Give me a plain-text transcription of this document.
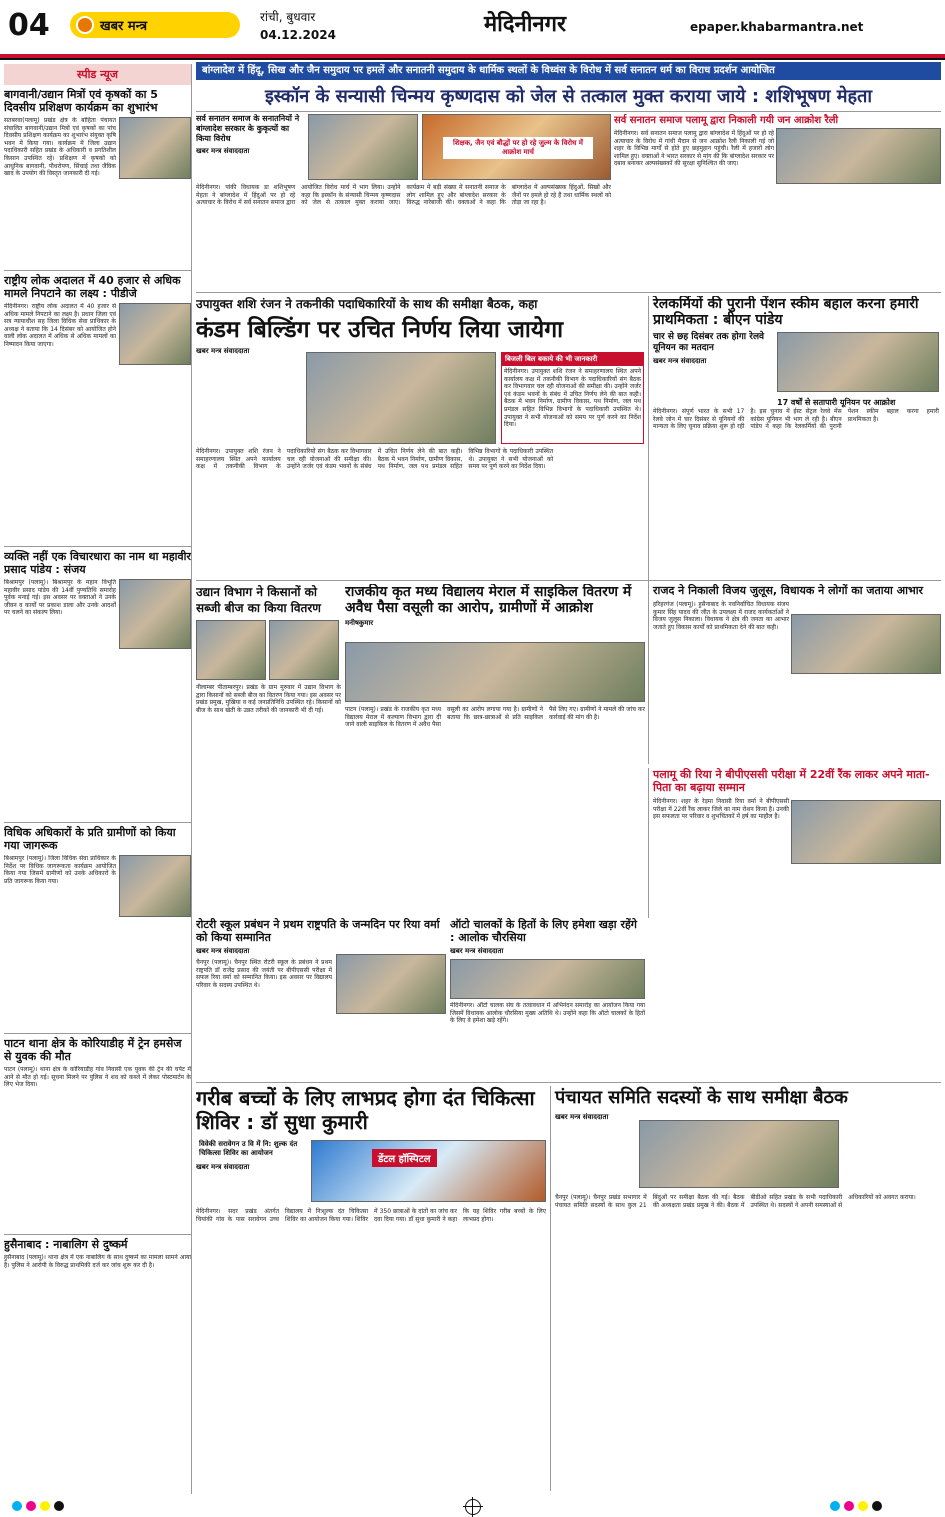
04	खबर मन्त्र
रांची, बुधवार
04.12.2024	मेदिनीनगर	epaper.khabarmantra.net
स्पीड न्यूज
बागवानी/उद्यान मित्रों एवं कृषकों का 5 दिवसीय प्रशिक्षण कार्यक्रम का शुभारंभ
सतबरवा(पलामू) प्रखंड क्षेत्र के बोहिता पंचायत संचालित बागवानी/उद्यान मित्रों एवं कृषकों का पांच दिवसीय प्रशिक्षण कार्यक्रम का शुभारंभ संयुक्त कृषि भवन में किया गया। कार्यक्रम में जिला उद्यान पदाधिकारी सहित प्रखंड के अधिकारी व प्रगतिशील किसान उपस्थित रहे। प्रशिक्षण में कृषकों को आधुनिक बागवानी, पौधरोपण, सिंचाई तथा जैविक खाद के उपयोग की विस्तृत जानकारी दी गई।
राष्ट्रीय लोक अदालत में 40 हजार से अधिक मामले निपटाने का लक्ष्य : पीडीजे
मेदिनीनगर। राष्ट्रीय लोक अदालत में 40 हजार से अधिक मामले निपटाने का लक्ष्य है। प्रधान जिला एवं सत्र न्यायाधीश सह जिला विधिक सेवा प्राधिकार के अध्यक्ष ने बताया कि 14 दिसंबर को आयोजित होने वाली लोक अदालत में अधिक से अधिक मामलों का निष्पादन किया जाएगा।
व्यक्ति नहीं एक विचारधारा का नाम था महावीर प्रसाद पांडेय : संजय
बिश्रामपुर (पलामू)। बिश्रामपुर के महान विभूति महावीर प्रसाद पांडेय की 14वीं पुण्यतिथि समारोह पूर्वक मनाई गई। इस अवसर पर वक्ताओं ने उनके जीवन व कार्यों पर प्रकाश डाला और उनके आदर्शों पर चलने का संकल्प लिया।
विधिक अधिकारों के प्रति ग्रामीणों को किया गया जागरूक
बिश्रामपुर (पलामू)। जिला विधिक सेवा प्राधिकार के निर्देश पर विधिक जागरूकता कार्यक्रम आयोजित किया गया जिसमें ग्रामीणों को उनके अधिकारों के प्रति जागरूक किया गया।
पाटन थाना क्षेत्र के कोरियाडीह में ट्रेन हमसेज से युवक की मौत
पाटन (पलामू)। थाना क्षेत्र के कोरियाडीह गांव निवासी एक युवक की ट्रेन की चपेट में आने से मौत हो गई। सूचना मिलने पर पुलिस ने शव को कब्जे में लेकर पोस्टमार्टम के लिए भेज दिया।
हुसैनाबाद : नाबालिग से दुष्कर्म
हुसैनाबाद (पलामू)। थाना क्षेत्र में एक नाबालिग के साथ दुष्कर्म का मामला सामने आया है। पुलिस ने आरोपी के विरुद्ध प्राथमिकी दर्ज कर जांच शुरू कर दी है।
बांग्लादेश में हिंदू, सिख और जैन समुदाय पर हमलें और सनातनी समुदाय के धार्मिक स्थलों के विध्वंस के विरोध में सर्व सनातन धर्म का विराध प्रदर्शन आयोजित
इस्कॉन के सन्यासी चिन्मय कृष्णदास को जेल से तत्काल मुक्त कराया जाये : शशिभूषण मेहता
सर्व सनातन समाज के सनातनियों ने बांग्लादेश सरकार के कुकृत्यों का किया विरोध
खबर मन्त्र संवाददाता
शिक्षक, जैन एवं बौद्धों पर हो रहे जुल्म के विरोध में आक्रोश मार्च
मेदिनीनगर। पांकी विधायक डा शशिभूषण मेहता ने बांग्लादेश में हिंदुओं पर हो रहे अत्याचार के विरोध में सर्व सनातन समाज द्वारा आयोजित विरोध मार्च में भाग लिया। उन्होंने कहा कि इस्कॉन के संन्यासी चिन्मय कृष्णदास को जेल से तत्काल मुक्त कराया जाए। कार्यक्रम में बड़ी संख्या में सनातनी समाज के लोग शामिल हुए और बांग्लादेश सरकार के विरुद्ध नारेबाजी की। वक्ताओं ने कहा कि बांग्लादेश में अल्पसंख्यक हिंदुओं, सिखों और जैनों पर हमले हो रहे हैं तथा धार्मिक स्थलों को तोड़ा जा रहा है।
सर्व सनातन समाज पलामू द्वारा निकाली गयी जन आक्रोश रैली
मेदिनीनगर। सर्व सनातन समाज पलामू द्वारा बांग्लादेश में हिंदुओं पर हो रहे अत्याचार के विरोध में गांधी मैदान से जन आक्रोश रैली निकाली गई जो शहर के विभिन्न मार्गों से होते हुए छहमुहान पहुंची। रैली में हजारों लोग शामिल हुए। वक्ताओं ने भारत सरकार से मांग की कि बांग्लादेश सरकार पर दबाव बनाकर अल्पसंख्यकों की सुरक्षा सुनिश्चित की जाए।
उपायुक्त शशि रंजन ने तकनीकी पदाधिकारियों के साथ की समीक्षा बैठक, कहा
कंडम बिल्डिंग पर उचित निर्णय लिया जायेगा
खबर मन्त्र संवाददाता
बिजली बिल बकाये की भी जानकारी
मेदिनीनगर। उपायुक्त शशि रंजन ने समाहरणालय स्थित अपने कार्यालय कक्ष में तकनीकी विभाग के पदाधिकारियों संग बैठक कर विभागवार चल रही योजनाओं की समीक्षा की। उन्होंने जर्जर एवं कंडम भवनों के संबंध में उचित निर्णय लेने की बात कही। बैठक में भवन निर्माण, ग्रामीण विकास, पथ निर्माण, जल पथ प्रमंडल सहित विभिन्न विभागों के पदाधिकारी उपस्थित थे। उपायुक्त ने सभी योजनाओं को समय पर पूर्ण करने का निर्देश दिया।
मेदिनीनगर। उपायुक्त शशि रंजन ने समाहरणालय स्थित अपने कार्यालय कक्ष में तकनीकी विभाग के पदाधिकारियों संग बैठक कर विभागवार चल रही योजनाओं की समीक्षा की। उन्होंने जर्जर एवं कंडम भवनों के संबंध में उचित निर्णय लेने की बात कही। बैठक में भवन निर्माण, ग्रामीण विकास, पथ निर्माण, जल पथ प्रमंडल सहित विभिन्न विभागों के पदाधिकारी उपस्थित थे। उपायुक्त ने सभी योजनाओं को समय पर पूर्ण करने का निर्देश दिया।
रेलकर्मियों की पुरानी पेंशन स्कीम बहाल करना हमारी प्राथमिकता : बीएन पांडेय
चार से छह दिसंबर तक होगा रेलवे यूनियन का मतदान
खबर मन्त्र संवाददाता
17 वर्षों से सतापारी यूनियन पर आक्रोश
मेदिनीनगर। संपूर्ण भारत के सभी 17 रेलवे जोन में चार दिसंबर से यूनियनों की मान्यता के लिए चुनाव प्रक्रिया शुरू हो रही है। इस चुनाव में ईस्ट सेंट्रल रेलवे मेंस कांग्रेस यूनियन भी भाग ले रही है। बीएन पांडेय ने कहा कि रेलकर्मियों की पुरानी पेंशन स्कीम बहाल करना हमारी प्राथमिकता है।
उद्यान विभाग ने किसानों को सब्जी बीज का किया वितरण
नीलाम्बर पीताम्बरपुर। प्रखंड के ग्राम मुरुवार में उद्यान विभाग के द्वारा किसानों को सब्जी बीज का वितरण किया गया। इस अवसर पर प्रखंड प्रमुख, मुखिया व कई जनप्रतिनिधि उपस्थित रहे। किसानों को बीज के साथ खेती के उन्नत तरीकों की जानकारी भी दी गई।
राजकीय कृत मध्य विद्यालय मेराल में साइकिल वितरण में अवैध पैसा वसूली का आरोप, ग्रामीणों में आक्रोश
मनीषकुमार
पाटन (पलामू)। प्रखंड के राजकीय कृत मध्य विद्यालय मेराल में कल्याण विभाग द्वारा दी जाने वाली साइकिल के वितरण में अवैध पैसा वसूली का आरोप लगाया गया है। ग्रामीणों ने बताया कि छात्र-छात्राओं से प्रति साइकिल पैसे लिए गए। ग्रामीणों ने मामले की जांच कर कार्रवाई की मांग की है।
राजद ने निकाली विजय जुलूस, विधायक ने लोगों का जताया आभार
हरिहरगंज (पलामू)। हुसैनाबाद के नवनिर्वाचित विधायक संजय कुमार सिंह यादव की जीत के उपलक्ष्य में राजद कार्यकर्ताओं ने विजय जुलूस निकाला। विधायक ने क्षेत्र की जनता का आभार जताते हुए विकास कार्यों को प्राथमिकता देने की बात कही।
पलामू की रिया ने बीपीएससी परीक्षा में 22वीं रैंक लाकर अपने माता-पिता का बढ़ाया सम्मान
मेदिनीनगर। शहर के रेड़मा निवासी रिया वर्मा ने बीपीएससी परीक्षा में 22वीं रैंक लाकर जिले का नाम रोशन किया है। उनकी इस सफलता पर परिवार व शुभचिंतकों में हर्ष का माहौल है।
रोटरी स्कूल प्रबंधन ने प्रथम राष्ट्रपति के जन्मदिन पर रिया वर्मा को किया सम्मानित
खबर मन्त्र संवाददाता
चैनपुर (पलामू)। चैनपुर स्थित रोटरी स्कूल के प्रबंधन ने प्रथम राष्ट्रपति डॉ राजेंद्र प्रसाद की जयंती पर बीपीएससी परीक्षा में सफल रिया वर्मा को सम्मानित किया। इस अवसर पर विद्यालय परिवार के सदस्य उपस्थित थे।
ऑटो चालकों के हितों के लिए हमेशा खड़ा रहेंगे : आलोक चौरसिया
खबर मन्त्र संवाददाता
मेदिनीनगर। ऑटो चालक संघ के तत्वावधान में अभिनंदन समारोह का आयोजन किया गया जिसमें विधायक आलोक चौरसिया मुख्य अतिथि थे। उन्होंने कहा कि ऑटो चालकों के हितों के लिए वे हमेशा खड़े रहेंगे।
गरीब बच्चों के लिए लाभप्रद होगा दंत चिकित्सा शिविर : डॉ सुधा कुमारी
विवेकी सरावेगन उ वि में नि: शुल्क दंत चिकित्सा शिविर का आयोजन
खबर मन्त्र संवाददाता
डेंटल हॉस्पिटल
मेदिनीनगर। सदर प्रखंड अंतर्गत चियांकी गांव के पास सरावेगन उच्च विद्यालय में निःशुल्क दंत चिकित्सा शिविर का आयोजन किया गया। शिविर में 350 छात्राओं के दांतों का जांच कर दवा दिया गया। डॉ सुधा कुमारी ने कहा कि यह शिविर गरीब बच्चों के लिए लाभप्रद होगा।
पंचायत समिति सदस्यों के साथ समीक्षा बैठक
खबर मन्त्र संवाददाता
चैनपुर (पलामू)। चैनपुर प्रखंड सभागार में पंचायत समिति सदस्यों के साथ कुल 21 बिंदुओं पर समीक्षा बैठक की गई। बैठक की अध्यक्षता प्रखंड प्रमुख ने की। बैठक में बीडीओ सहित प्रखंड के सभी पदाधिकारी उपस्थित थे। सदस्यों ने अपनी समस्याओं से अधिकारियों को अवगत कराया।
